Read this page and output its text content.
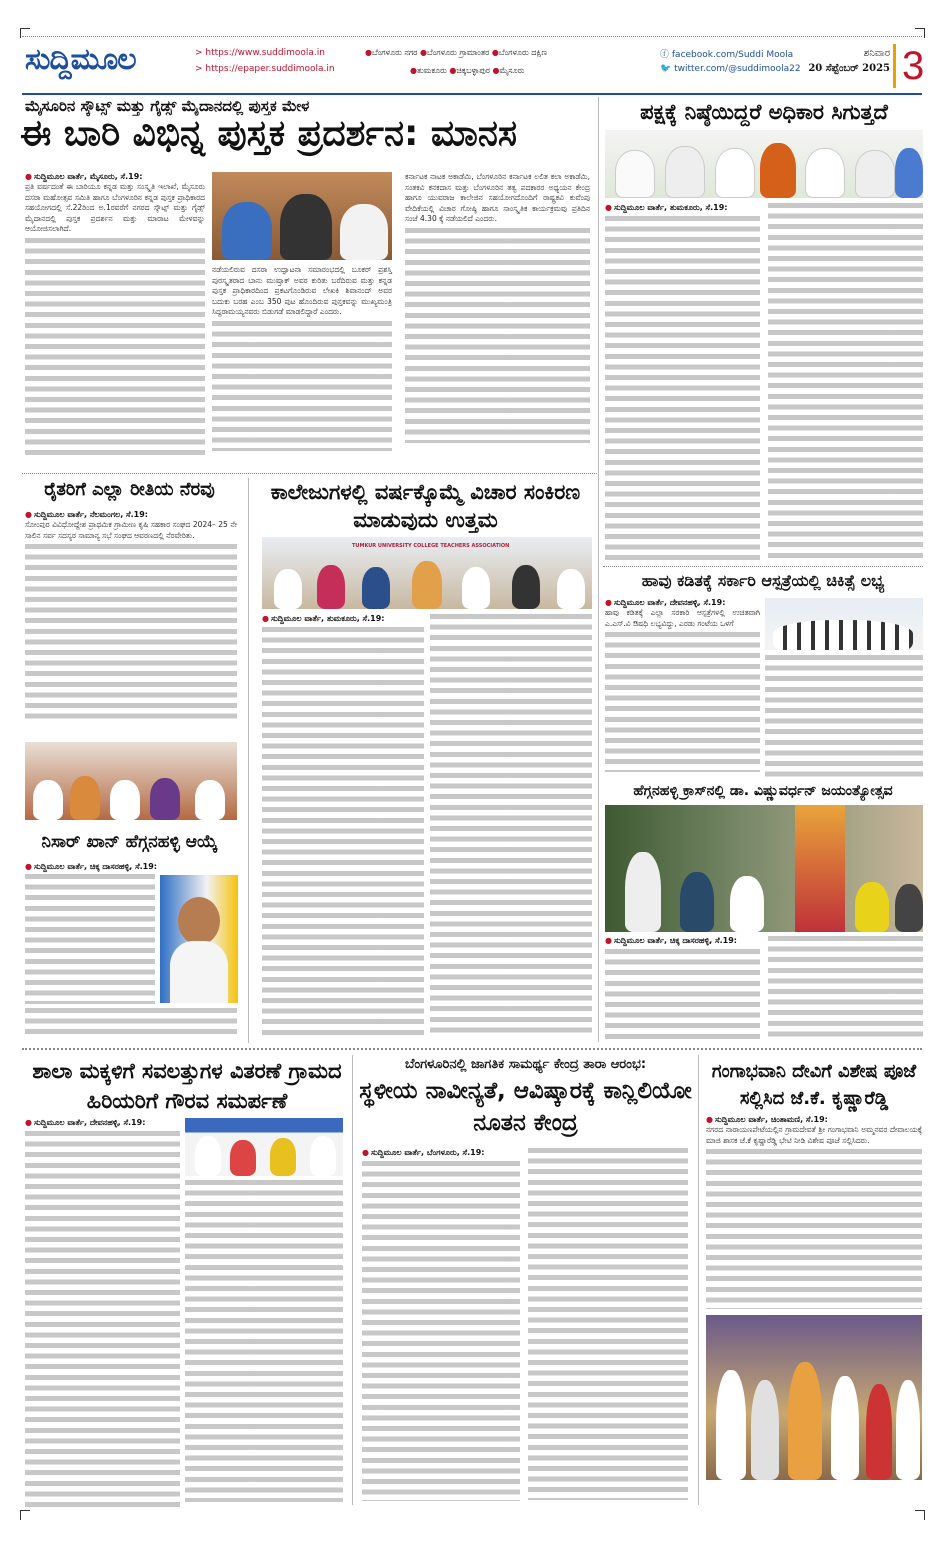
ಸುದ್ದಿಮೂಲ	> https://www.suddimoola.in
> https://epaper.suddimoola.in
●ಬೆಂಗಳೂರು ನಗರ ●ಬೆಂಗಳೂರು ಗ್ರಾಮಾಂತರ ●ಬೆಂಗಳೂರು ದಕ್ಷಿಣ
●ತುಮಕೂರು ●ಚಿಕ್ಕಬಳ್ಳಾಪುರ ●ಮೈಸೂರು
ⓕ facebook.com/Suddi Moola
🐦 twitter.com/@suddimoola22
ಶನಿವಾರ
20 ಸೆಪ್ಟೆಂಬರ್ 2025 3
ಮೈಸೂರಿನ ಸ್ಕೌಟ್ಸ್ ಮತ್ತು ಗೈಡ್ಸ್ ಮೈದಾನದಲ್ಲಿ ಪುಸ್ತಕ ಮೇಳ
ಈ ಬಾರಿ ವಿಭಿನ್ನ ಪುಸ್ತಕ ಪ್ರದರ್ಶನ: ಮಾನಸ
● ಸುದ್ದಿಮೂಲ ವಾರ್ತೆ, ಮೈಸೂರು, ಸೆ.19:
ಪ್ರತಿ ವರ್ಷದಂತೆ ಈ ಬಾರಿಯೂ ಕನ್ನಡ ಮತ್ತು ಸಂಸ್ಕೃತಿ ಇಲಾಖೆ, ಮೈಸೂರು ದಸರಾ ಮಹೋತ್ಸವ ಸಮಿತಿ ಹಾಗೂ ಬೆಂಗಳೂರಿನ ಕನ್ನಡ ಪುಸ್ತಕ ಪ್ರಾಧಿಕಾರದ ಸಹಯೋಗದಲ್ಲಿ ಸೆ.22ರಿಂದ ಅ.1ರವರೆಗೆ ನಗರದ ಸ್ಕೌಟ್ಸ್ ಮತ್ತು ಗೈಡ್ಸ್ ಮೈದಾನದಲ್ಲಿ ಪುಸ್ತಕ ಪ್ರದರ್ಶನ ಮತ್ತು ಮಾರಾಟ ಮೇಳವನ್ನು ಆಯೋಜಿಸಲಾಗಿದೆ.
ನಡೆಯಲಿರುವ ದಸರಾ ಉದ್ಘಾಟನಾ ಸಮಾರಂಭದಲ್ಲಿ ಬೂಕರ್ ಪ್ರಶಸ್ತಿ ಪುರಸ್ಕೃತರಾದ ಬಾನು ಮುಷ್ತಾಕ್ ಅವರ ಕುರಿತು ಬರೆದಿರುವ ಮತ್ತು ಕನ್ನಡ ಪುಸ್ತಕ ಪ್ರಾಧಿಕಾರದಿಂದ ಪ್ರಕಟಗೊಂಡಿರುವ ಲೇಖಕಿ ಶಿವಾನಂದ್ ಅವರ ಬದುಕು ಬರಹ ಎಂಬ 350 ಪುಟ ಹೊಂದಿರುವ ಪುಸ್ತಕವನ್ನು ಮುಖ್ಯಮಂತ್ರಿ ಸಿದ್ದರಾಮಯ್ಯನವರು ಬಿಡುಗಡೆ ಮಾಡಲಿದ್ದಾರೆ ಎಂದರು.
ಕರ್ನಾಟಕ ನಾಟಕ ಅಕಾಡೆಮಿ, ಬೆಂಗಳೂರಿನ ಕರ್ನಾಟಕ ಲಲಿತ ಕಲಾ ಅಕಾಡೆಮಿ, ಸಂತಕವಿ ಕನಕದಾಸ ಮತ್ತು ಬೆಂಗಳೂರಿನ ತತ್ವ ಪದಕಾರರ ಅಧ್ಯಯನ ಕೇಂದ್ರ ಹಾಗೂ ಯುವರಾಜ ಕಾಲೇಜಿನ ಸಹಯೋಗದೊಂದಿಗೆ ರಾಷ್ಟ್ರಕವಿ ಕುವೆಂಪು ವೇದಿಕೆಯಲ್ಲಿ ವಿಚಾರ ಗೋಷ್ಠಿ ಹಾಗೂ ಸಾಂಸ್ಕೃತಿಕ ಕಾರ್ಯಕ್ರಮವು ಪ್ರತಿದಿನ ಸಂಜೆ 4.30 ಕ್ಕೆ ನಡೆಯಲಿದೆ ಎಂದರು.
ಪಕ್ಷಕ್ಕೆ ನಿಷ್ಠೆಯಿದ್ದರೆ ಅಧಿಕಾರ ಸಿಗುತ್ತದೆ
● ಸುದ್ದಿಮೂಲ ವಾರ್ತೆ, ತುಮಕೂರು, ಸೆ.19:
ರೈತರಿಗೆ ಎಲ್ಲಾ ರೀತಿಯ ನೆರವು
● ಸುದ್ದಿಮೂಲ ವಾರ್ತೆ, ನೆಲಮಂಗಲ, ಸೆ.19:
ಸೋಂಪುರ ವಿವಿಧೋದ್ದೇಶ ಪ್ರಾಥಮಿಕ ಗ್ರಾಮೀಣ ಕೃಷಿ ಸಹಕಾರ ಸಂಘದ 2024– 25 ನೇ ಸಾಲಿನ ಸರ್ವ ಸದಸ್ಯರ ಸಾಮಾನ್ಯ ಸಭೆ ಸಂಘದ ಆವರಣದಲ್ಲಿ ನೆರವೇರಿತು.
ನಿಸಾರ್ ಖಾನ್ ಹೆಗ್ಗನಹಳ್ಳಿ ಆಯ್ಕೆ
● ಸುದ್ದಿಮೂಲ ವಾರ್ತೆ, ಚಿಕ್ಕ ದಾಸರಹಳ್ಳಿ, ಸೆ.19:
ಕಾಲೇಜುಗಳಲ್ಲಿ ವರ್ಷಕ್ಕೊಮ್ಮೆ ವಿಚಾರ ಸಂಕಿರಣ ಮಾಡುವುದು ಉತ್ತಮ
TUMKUR UNIVERSITY COLLEGE TEACHERS ASSOCIATION
● ಸುದ್ದಿಮೂಲ ವಾರ್ತೆ, ತುಮಕೂರು, ಸೆ.19:
ಹಾವು ಕಡಿತಕ್ಕೆ ಸರ್ಕಾರಿ ಆಸ್ಪತ್ರೆಯಲ್ಲಿ ಚಿಕಿತ್ಸೆ ಲಭ್ಯ
● ಸುದ್ದಿಮೂಲ ವಾರ್ತೆ, ದೇವನಹಳ್ಳಿ, ಸೆ.19:
ಹಾವು ಕಡಿತಕ್ಕೆ ಎಲ್ಲಾ ಸರಕಾರಿ ಆಸ್ಪತ್ರೆಗಳಲ್ಲಿ ಉಚಿತವಾಗಿ ಎ.ಎಸ್.ವಿ ಔಷಧಿ ಲಭ್ಯವಿದ್ದು, ಎರಡು ಗಂಟೆಯ ಒಳಗೆ
ಹೆಗ್ಗನಹಳ್ಳಿ ಕ್ರಾಸ್‌ನಲ್ಲಿ ಡಾ. ವಿಷ್ಣುವರ್ಧನ್ ಜಯಂತ್ಯೋತ್ಸವ
● ಸುದ್ದಿಮೂಲ ವಾರ್ತೆ, ಚಿಕ್ಕ ದಾಸರಹಳ್ಳಿ, ಸೆ.19:
ಶಾಲಾ ಮಕ್ಕಳಿಗೆ ಸವಲತ್ತುಗಳ ವಿತರಣೆ ಗ್ರಾಮದ ಹಿರಿಯರಿಗೆ ಗೌರವ ಸಮರ್ಪಣೆ
● ಸುದ್ದಿಮೂಲ ವಾರ್ತೆ, ದೇವನಹಳ್ಳಿ, ಸೆ.19:
ಬೆಂಗಳೂರಿನಲ್ಲಿ ಜಾಗತಿಕ ಸಾಮರ್ಥ್ಯ ಕೇಂದ್ರ ತಾರಾ ಆರಂಭ:
ಸ್ಥಳೀಯ ನಾವೀನ್ಯತೆ, ಆವಿಷ್ಕಾರಕ್ಕೆ ಕಾನ್ಲಿಲಿಯೋ ನೂತನ ಕೇಂದ್ರ
● ಸುದ್ದಿಮೂಲ ವಾರ್ತೆ, ಬೆಂಗಳೂರು, ಸೆ.19:
ಗಂಗಾಭವಾನಿ ದೇವಿಗೆ ವಿಶೇಷ ಪೂಜೆ ಸಲ್ಲಿಸಿದ ಜೆ.ಕೆ. ಕೃಷ್ಣಾರೆಡ್ಡಿ
● ಸುದ್ದಿಮೂಲ ವಾರ್ತೆ, ಚಿಂತಾಮಣಿ, ಸೆ.19:
ನಗರದ ನಾರಾಯಣಪೇಟೆಯಲ್ಲಿನ ಗ್ರಾಮದೇವತೆ ಶ್ರೀ ಗಂಗಾಭವಾನಿ ಅಮ್ಮನವರ ದೇವಾಲಯಕ್ಕೆ ಮಾಜಿ ಶಾಸಕ ಜೆ.ಕೆ ಕೃಷ್ಣಾರೆಡ್ಡಿ ಭೇಟಿ ನೀಡಿ ವಿಶೇಷ ಪೂಜೆ ಸಲ್ಲಿಸಿದರು.
